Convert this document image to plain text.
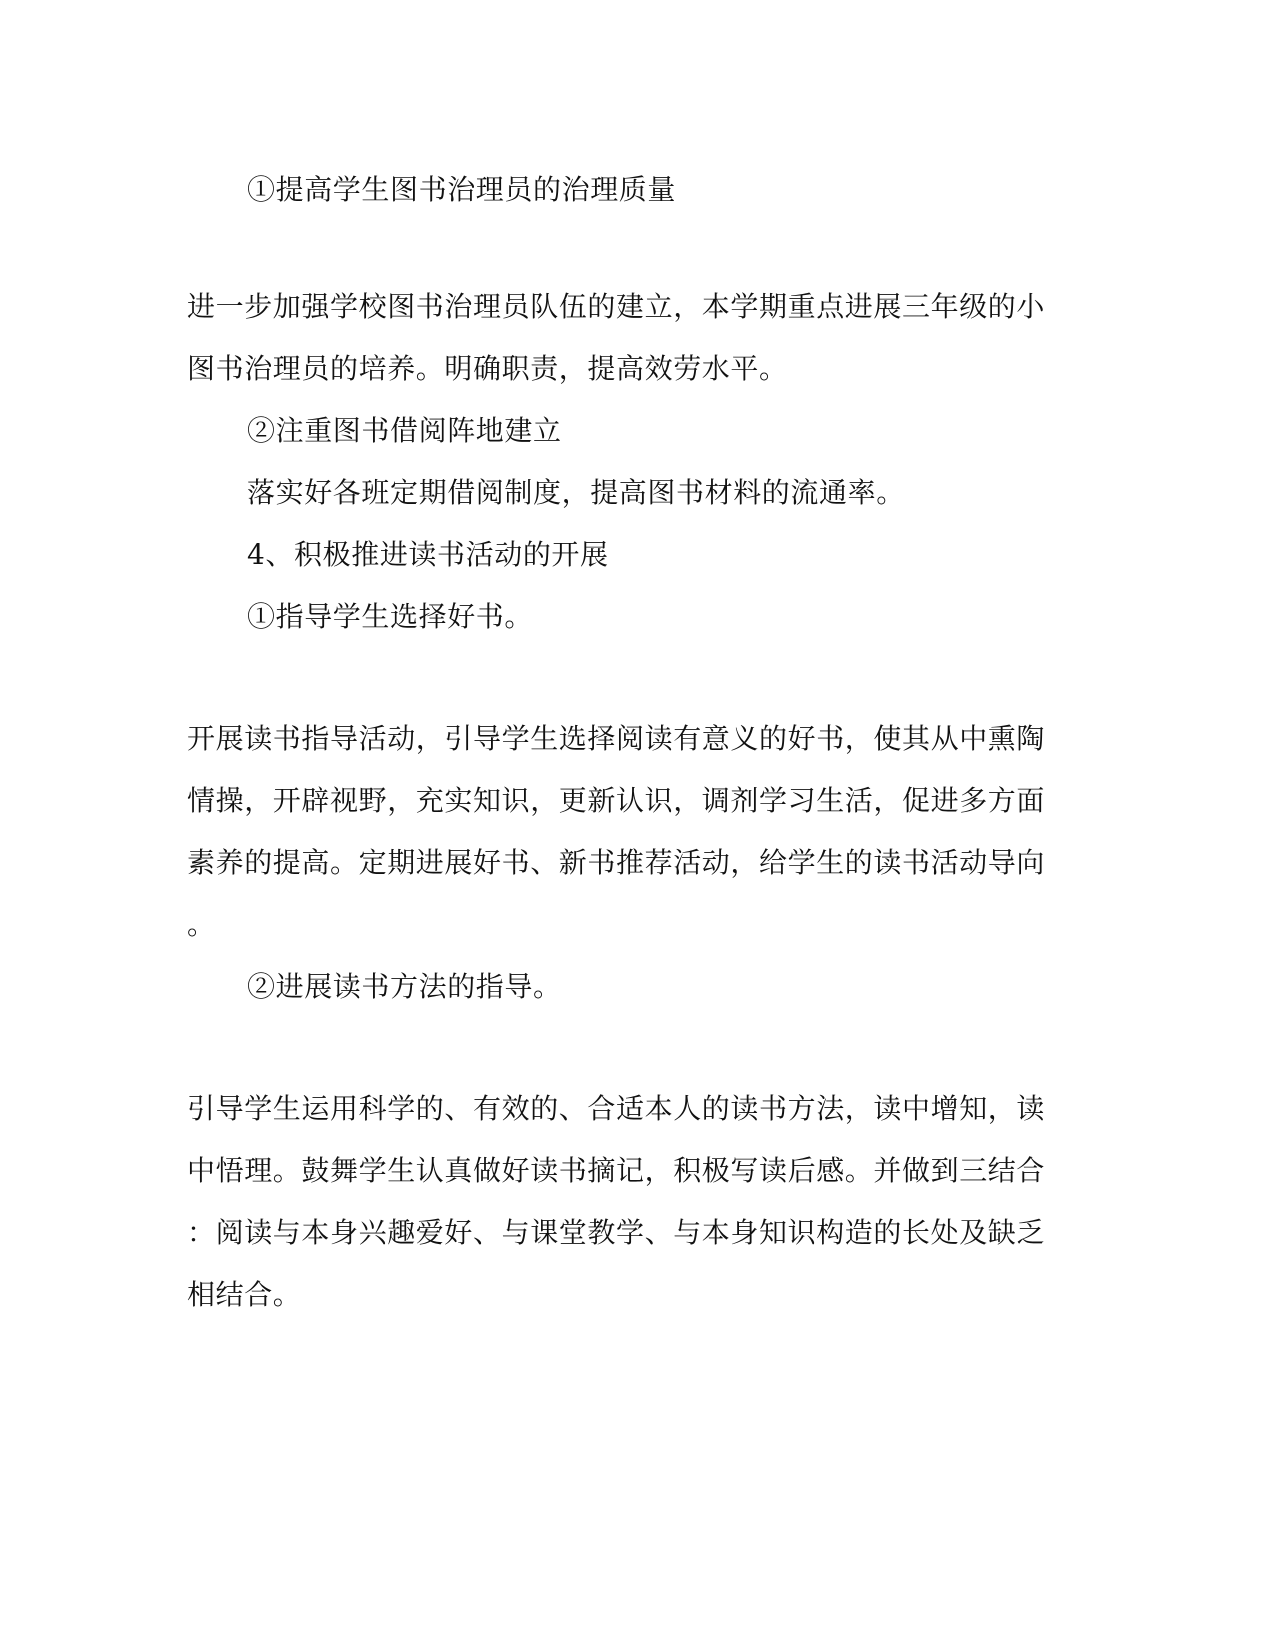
①提高学生图书治理员的治理质量
进一步加强学校图书治理员队伍的建立，本学期重点进展三年级的小
图书治理员的培养。明确职责，提高效劳水平。
②注重图书借阅阵地建立
落实好各班定期借阅制度，提高图书材料的流通率。
4、积极推进读书活动的开展
①指导学生选择好书。
开展读书指导活动，引导学生选择阅读有意义的好书，使其从中熏陶
情操，开辟视野，充实知识，更新认识，调剂学习生活，促进多方面
素养的提高。定期进展好书、新书推荐活动，给学生的读书活动导向
。
②进展读书方法的指导。
引导学生运用科学的、有效的、合适本人的读书方法，读中增知，读
中悟理。鼓舞学生认真做好读书摘记，积极写读后感。并做到三结合
：阅读与本身兴趣爱好、与课堂教学、与本身知识构造的长处及缺乏
相结合。
